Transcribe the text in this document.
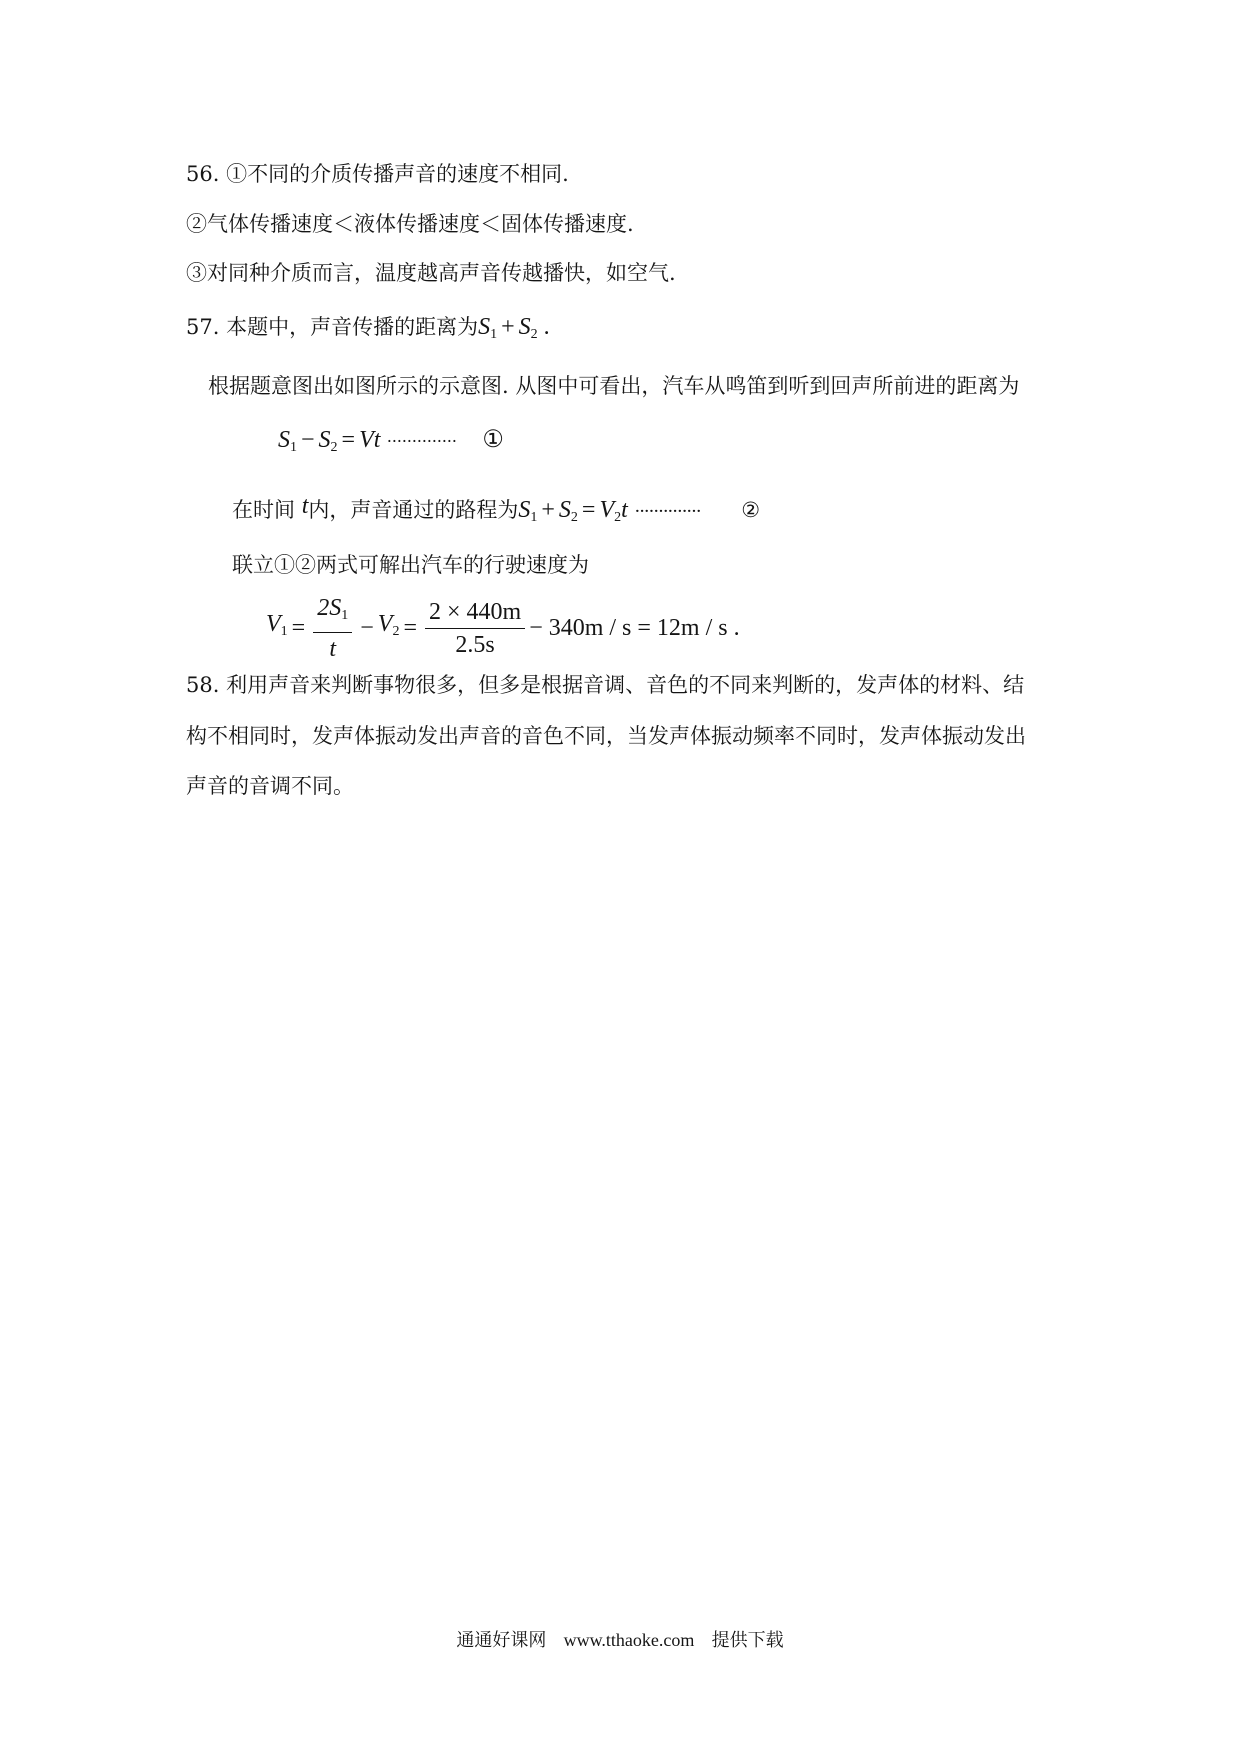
56. ①不同的介质传播声音的速度不相同.
②气体传播速度＜液体传播速度＜固体传播速度.
③对同种介质而言，温度越高声音传越播快，如空气.
57. 本题中，声音传播的距离为$S_1 + S_2$ .
根据题意图出如图所示的示意图. 从图中可看出，汽车从鸣笛到听到回声所前进的距离为
$S_1 - S_2 = Vt$ ·············· ①
在时间 t内，声音通过的路程为$S_1 + S_2 = V_2t$ ·············· ②
联立①②两式可解出汽车的行驶速度为
$V_1 = \frac{2S_1}{t} - V_2 = \frac{2 \times 440m}{2.5s} - 340m / s = 12m / s$ .
58. 利用声音来判断事物很多，但多是根据音调、音色的不同来判断的，发声体的材料、结
构不相同时，发声体振动发出声音的音色不同，当发声体振动频率不同时，发声体振动发出
声音的音调不同。
通通好课网 www.tthaoke.com 提供下载
